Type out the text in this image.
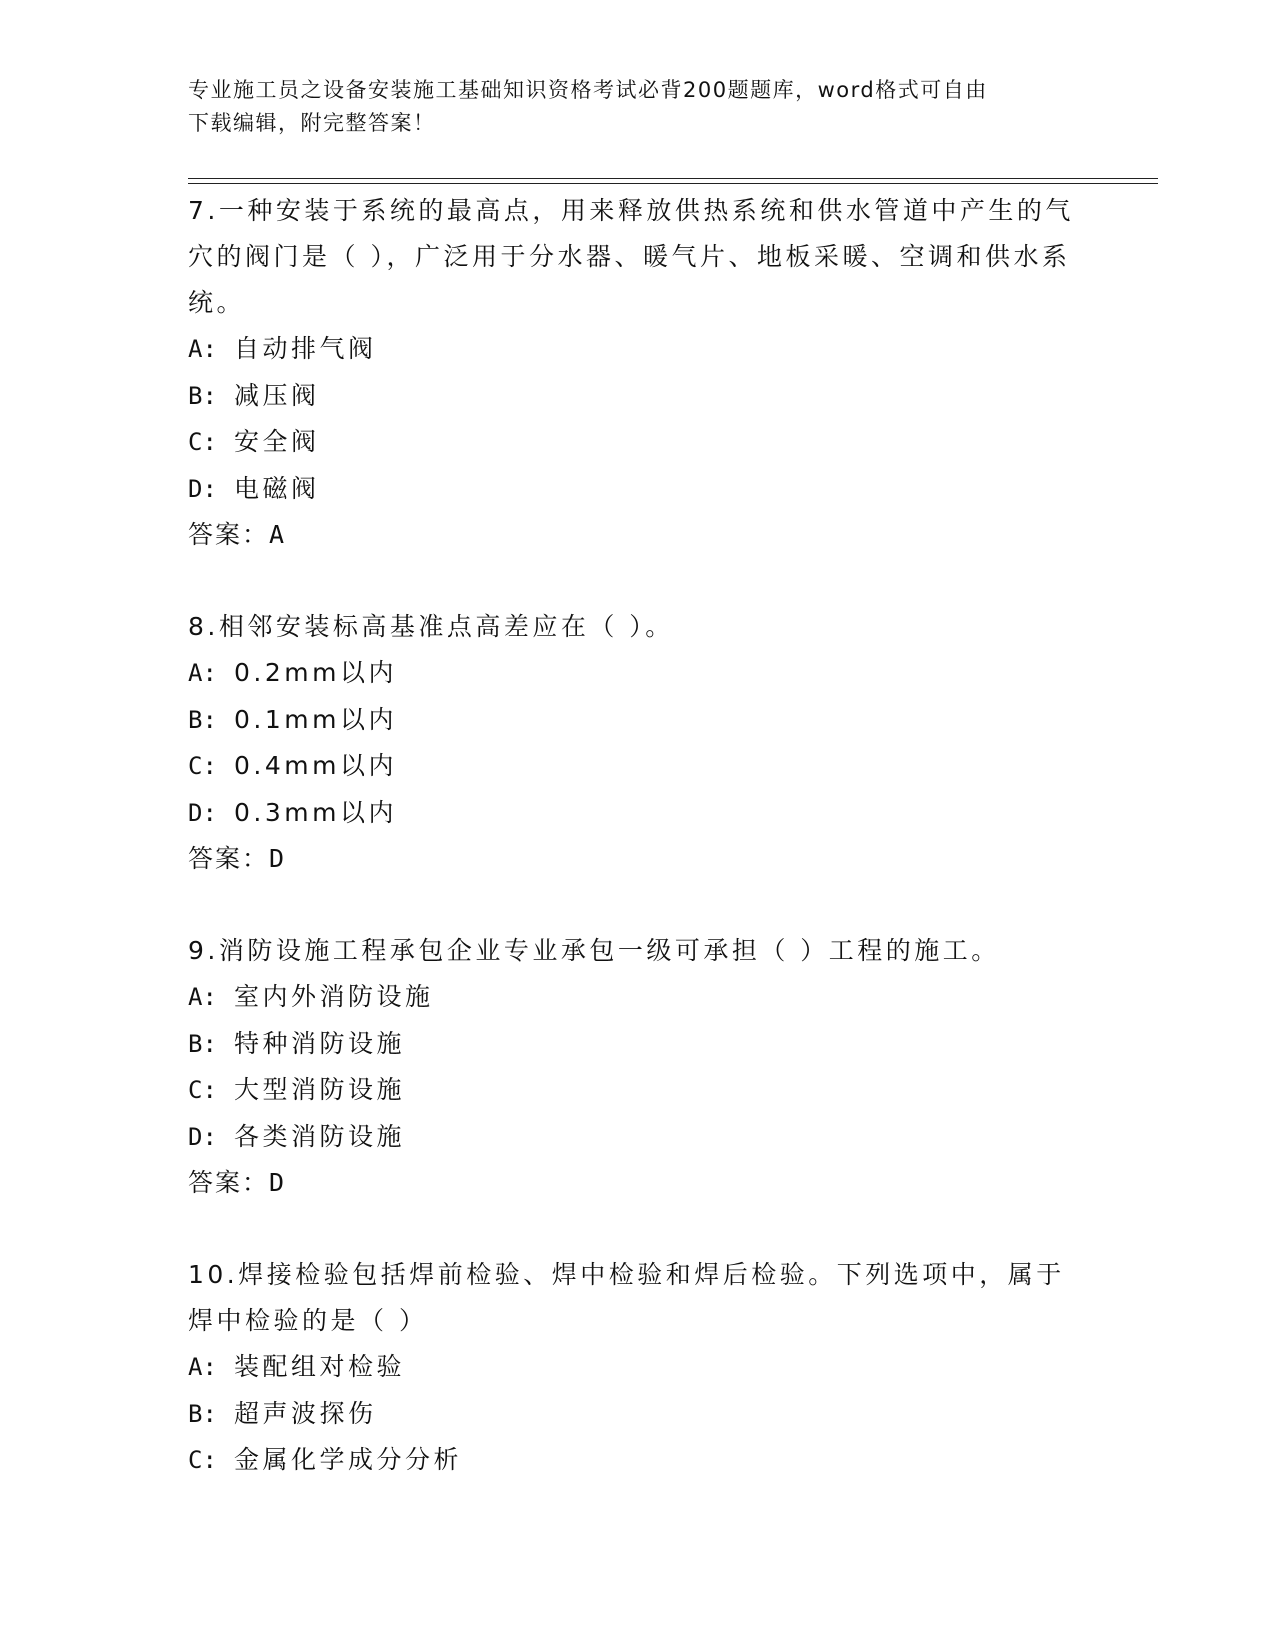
专业施工员之设备安装施工基础知识资格考试必背200题题库，word格式可自由
下载编辑，附完整答案！
7.一种安装于系统的最高点，用来释放供热系统和供水管道中产生的气穴的阀门是（ ），广泛用于分水器、暖气片、地板采暖、空调和供水系统。
A: 自动排气阀
B: 减压阀
C: 安全阀
D: 电磁阀
答案：A
8.相邻安装标高基准点高差应在（ ）。
A: 0.2mm以内
B: 0.1mm以内
C: 0.4mm以内
D: 0.3mm以内
答案：D
9.消防设施工程承包企业专业承包一级可承担（ ）工程的施工。
A: 室内外消防设施
B: 特种消防设施
C: 大型消防设施
D: 各类消防设施
答案：D
10.焊接检验包括焊前检验、焊中检验和焊后检验。下列选项中，属于焊中检验的是（ ）
A: 装配组对检验
B: 超声波探伤
C: 金属化学成分分析
